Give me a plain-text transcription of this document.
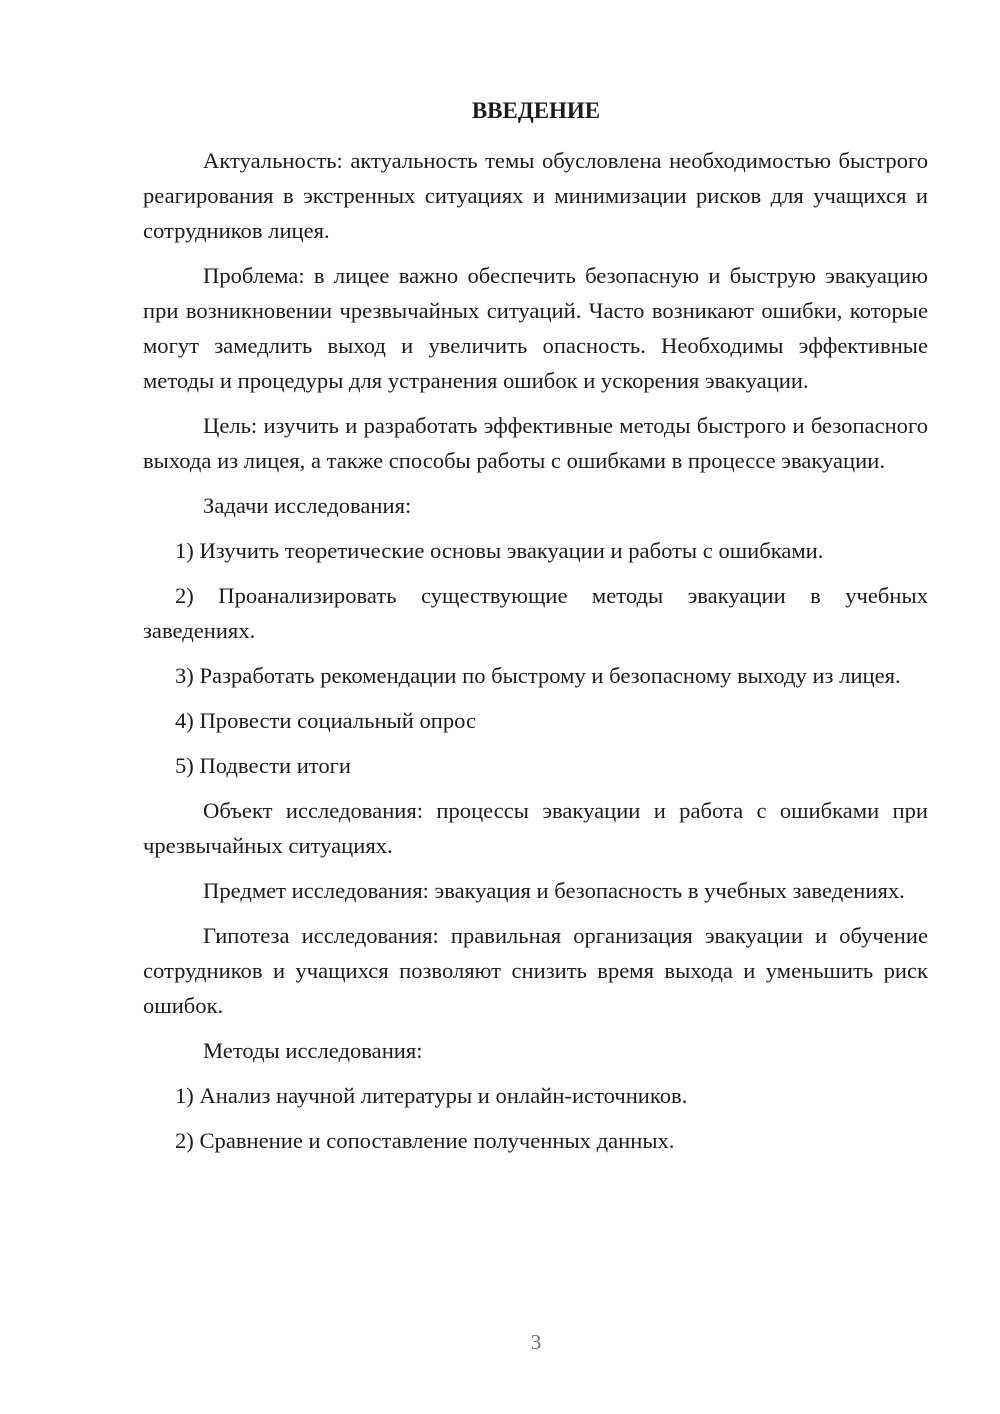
ВВЕДЕНИЕ

Актуальность: актуальность темы обусловлена необходимостью быстрого реагирования в экстренных ситуациях и минимизации рисков для учащихся и сотрудников лицея.

Проблема: в лицее важно обеспечить безопасную и быструю эвакуацию при возникновении чрезвычайных ситуаций. Часто возникают ошибки, которые могут замедлить выход и увеличить опасность. Необходимы эффективные методы и процедуры для устранения ошибок и ускорения эвакуации.

Цель: изучить и разработать эффективные методы быстрого и безопасного выхода из лицея, а также способы работы с ошибками в процессе эвакуации.

Задачи исследования:

1) Изучить теоретические основы эвакуации и работы с ошибками.

2) Проанализировать существующие методы эвакуации в учебных заведениях.

3) Разработать рекомендации по быстрому и безопасному выходу из лицея.

4) Провести социальный опрос

5) Подвести итоги

Объект исследования: процессы эвакуации и работа с ошибками при чрезвычайных ситуациях.

Предмет исследования: эвакуация и безопасность в учебных заведениях.

Гипотеза исследования: правильная организация эвакуации и обучение сотрудников и учащихся позволяют снизить время выхода и уменьшить риск ошибок.

Методы исследования:

1) Анализ научной литературы и онлайн-источников.

2) Сравнение и сопоставление полученных данных.

3
